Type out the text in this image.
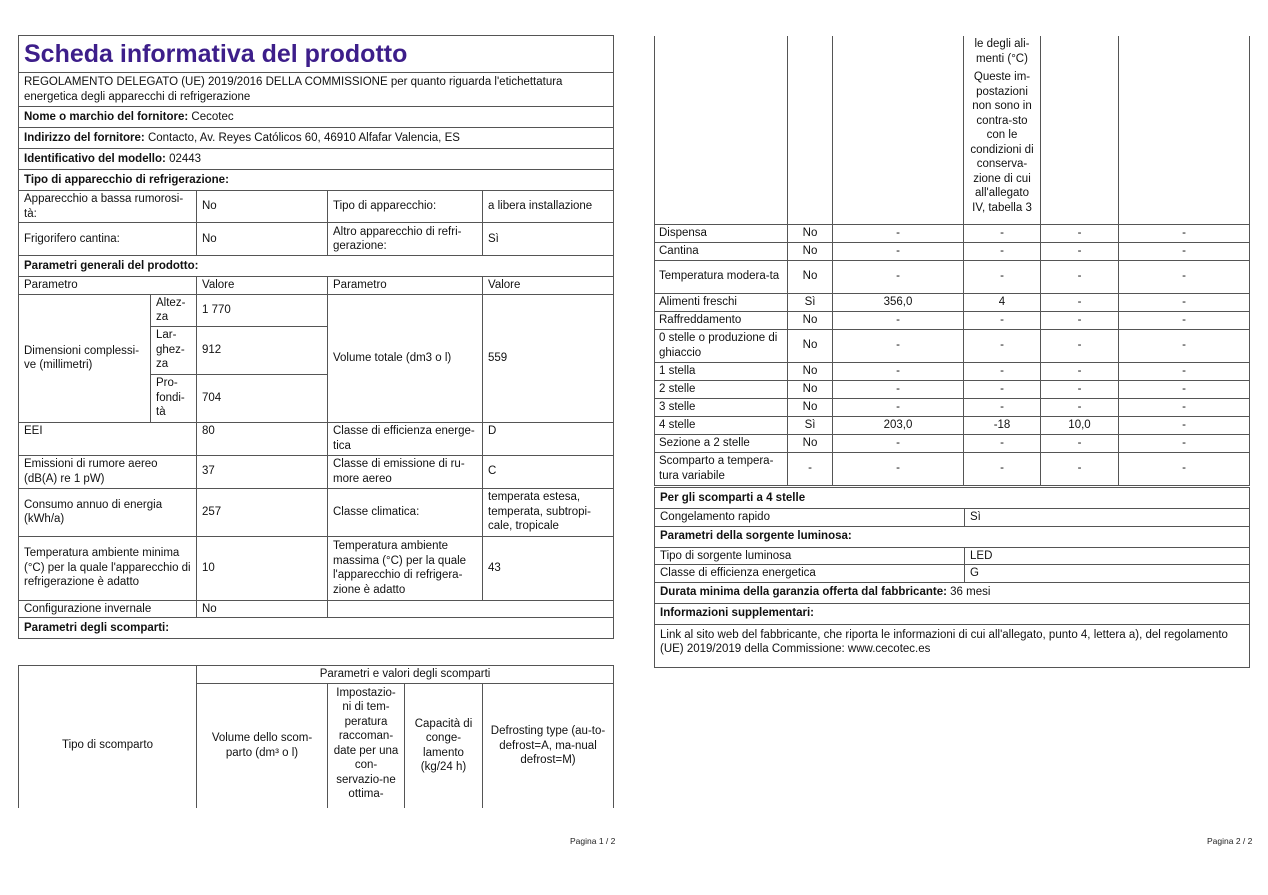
Scheda informativa del prodotto				
REGOLAMENTO DELEGATO (UE) 2019/2016 DELLA COMMISSIONE per quanto riguarda l'etichettatura energetica degli apparecchi di refrigerazione				
Nome o marchio del fornitore: Cecotec				
Indirizzo del fornitore: Contacto, Av. Reyes Católicos 60, 46910 Alfafar Valencia, ES				
Identificativo del modello: 02443				
Tipo di apparecchio di refrigerazione:				
Apparecchio a bassa rumorosi-tà:		No	Tipo di apparecchio:	a libera installazione
Frigorifero cantina:		No	Altro apparecchio di refri-gerazione:	Sì
Parametri generali del prodotto:				
Parametro		Valore	Parametro	Valore
Dimensioni complessi-ve (millimetri)	Altez-za	1 770	Volume totale (dm3 o l)	559
	Lar-ghez-za	912		
	Pro-fondi-tà	704		
EEI		80	Classe di efficienza energe-tica	D
Emissioni di rumore aereo (dB(A) re 1 pW)		37	Classe di emissione di ru-more aereo	C
Consumo annuo di energia (kWh/a)		257	Classe climatica:	temperata estesa, temperata, subtropi-cale, tropicale
Temperatura ambiente minima (°C) per la quale l'apparecchio di refrigerazione è adatto		10	Temperatura ambiente massima (°C) per la quale l'apparecchio di refrigera-zione è adatto	43
Configurazione invernale		No		
Parametri degli scomparti:				
	Parametri e valori degli scomparti			
Tipo di scomparto	Volume dello scom-parto (dm³ o l)	Impostazio-ni di tem-peratura raccoman-date per una con-servazio-ne ottima-	Capacità di conge-lamento (kg/24 h)	Defrosting type (au-to-defrost=A, ma-nual defrost=M)
Pagina 1 / 2

			le degli ali-menti (°C)
Queste im-postazioni non sono in contra-sto con le condizioni di conserva-zione di cui all'allegato IV, tabella 3		

Dispensa	No	-	-	-	-
Cantina	No	-	-	-	-
Temperatura modera-ta	No	-	-	-	-
Alimenti freschi	Sì	356,0	4	-	-
Raffreddamento	No	-	-	-	-
0 stelle o produzione di ghiaccio	No	-	-	-	-
1 stella	No	-	-	-	-
2 stelle	No	-	-	-	-
3 stelle	No	-	-	-	-
4 stelle	Sì	203,0	-18	10,0	-
Sezione a 2 stelle	No	-	-	-	-
Scomparto a tempera-tura variabile	-	-	-	-	-
Per gli scomparti a 4 stelle	
Congelamento rapido	Sì
Parametri della sorgente luminosa:	
Tipo di sorgente luminosa	LED
Classe di efficienza energetica	G
Durata minima della garanzia offerta dal fabbricante: 36 mesi	
Informazioni supplementari:	
Link al sito web del fabbricante, che riporta le informazioni di cui all'allegato, punto 4, lettera a), del regolamento (UE) 2019/2019 della Commissione: www.cecotec.es	
Pagina 2 / 2
